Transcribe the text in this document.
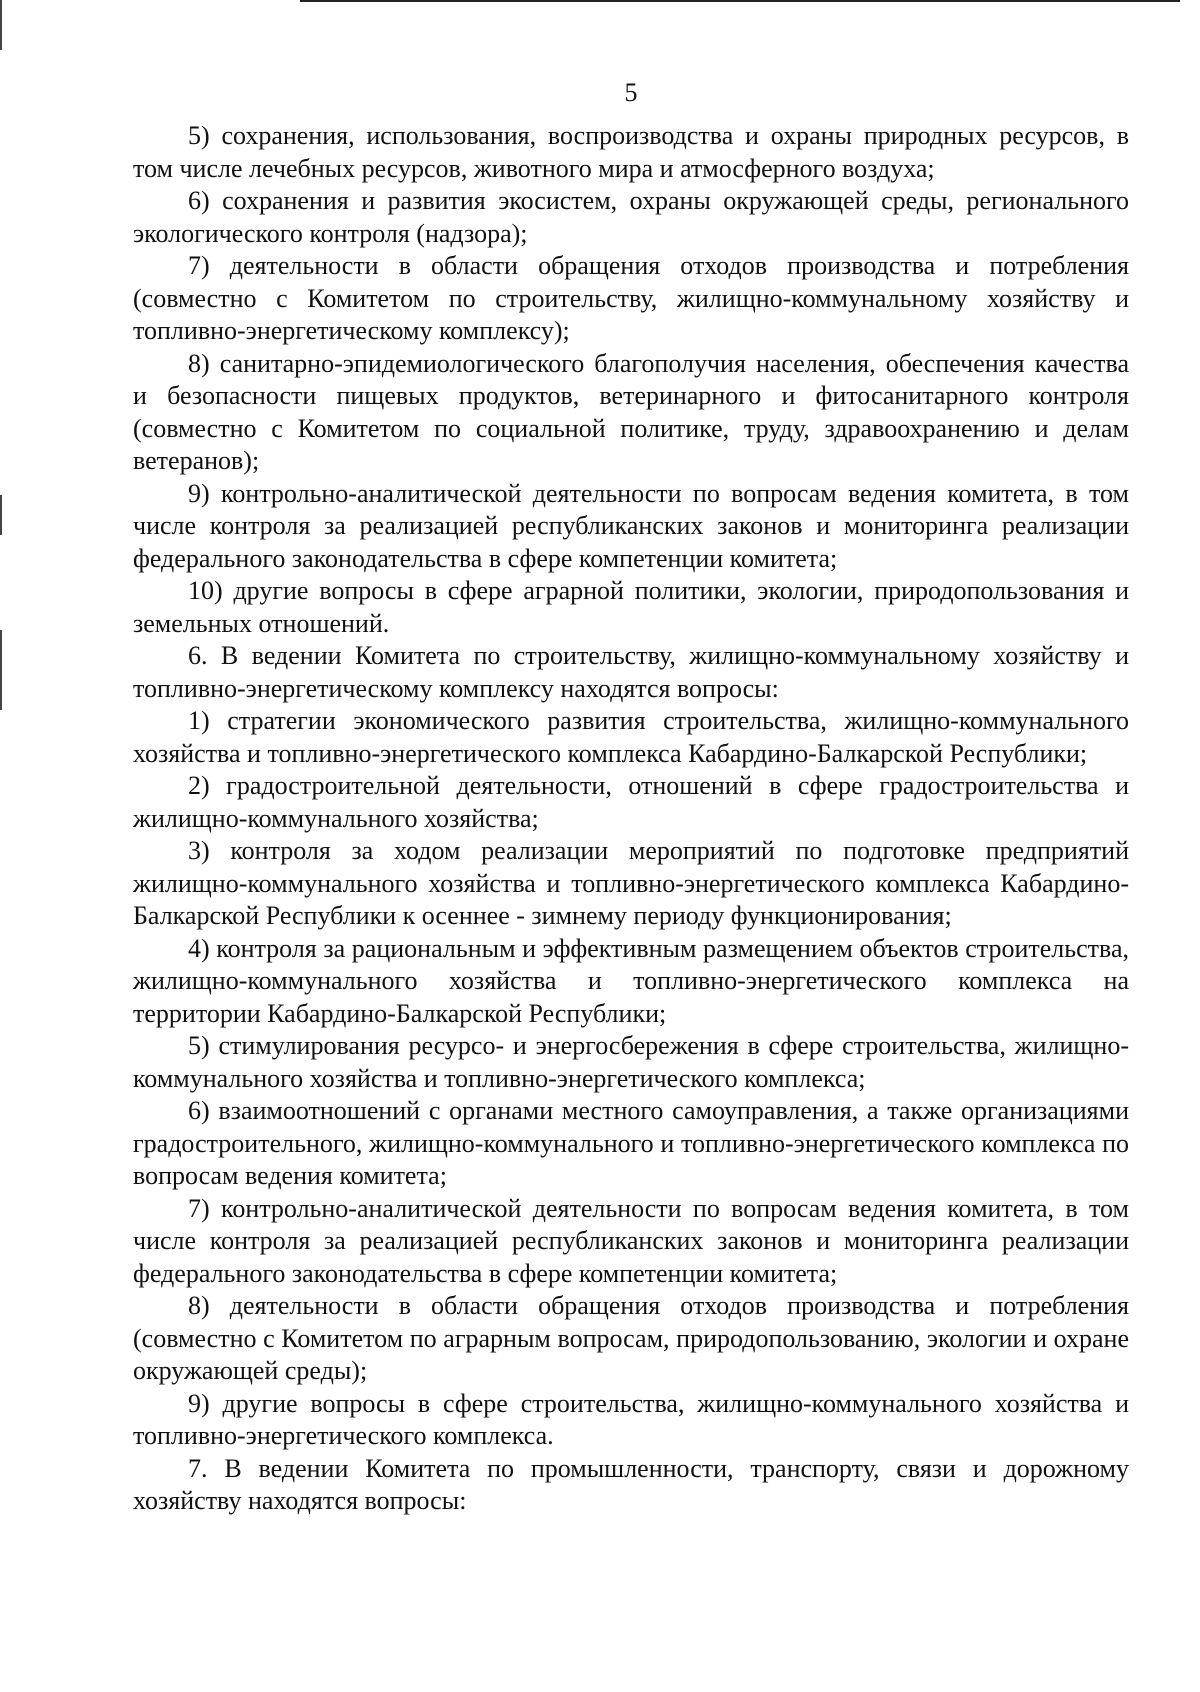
5

5) сохранения, использования, воспроизводства и охраны природных ресурсов, в том числе лечебных ресурсов, животного мира и атмосферного воздуха;

6) сохранения и развития экосистем, охраны окружающей среды, регионального экологического контроля (надзора);

7) деятельности в области обращения отходов производства и потребления (совместно с Комитетом по строительству, жилищно-коммунальному хозяйству и топливно-энергетическому комплексу);

8) санитарно-эпидемиологического благополучия населения, обеспечения качества и безопасности пищевых продуктов, ветеринарного и фитосанитарного контроля (совместно с Комитетом по социальной политике, труду, здравоохранению и делам ветеранов);

9) контрольно-аналитической деятельности по вопросам ведения комитета, в том числе контроля за реализацией республиканских законов и мониторинга реализации федерального законодательства в сфере компетенции комитета;

10) другие вопросы в сфере аграрной политики, экологии, природопользования и земельных отношений.

6. В ведении Комитета по строительству, жилищно-коммунальному хозяйству и топливно-энергетическому комплексу находятся вопросы:

1) стратегии экономического развития строительства, жилищно-коммунального хозяйства и топливно-энергетического комплекса Кабардино-Балкарской Республики;

2) градостроительной деятельности, отношений в сфере градостроительства и жилищно-коммунального хозяйства;

3) контроля за ходом реализации мероприятий по подготовке предприятий жилищно-коммунального хозяйства и топливно-энергетического комплекса Кабардино-Балкарской Республики к осеннее - зимнему периоду функционирования;

4) контроля за рациональным и эффективным размещением объектов строительства, жилищно-коммунального хозяйства и топливно-энергетического комплекса на территории Кабардино-Балкарской Республики;

5) стимулирования ресурсо- и энергосбережения в сфере строительства, жилищно-коммунального хозяйства и топливно-энергетического комплекса;

6) взаимоотношений с органами местного самоуправления, а также организациями градостроительного, жилищно-коммунального и топливно-энергетического комплекса по вопросам ведения комитета;

7) контрольно-аналитической деятельности по вопросам ведения комитета, в том числе контроля за реализацией республиканских законов и мониторинга реализации федерального законодательства в сфере компетенции комитета;

8) деятельности в области обращения отходов производства и потребления (совместно с Комитетом по аграрным вопросам, природопользованию, экологии и охране окружающей среды);

9) другие вопросы в сфере строительства, жилищно-коммунального хозяйства и топливно-энергетического комплекса.

7. В ведении Комитета по промышленности, транспорту, связи и дорожному хозяйству находятся вопросы:
